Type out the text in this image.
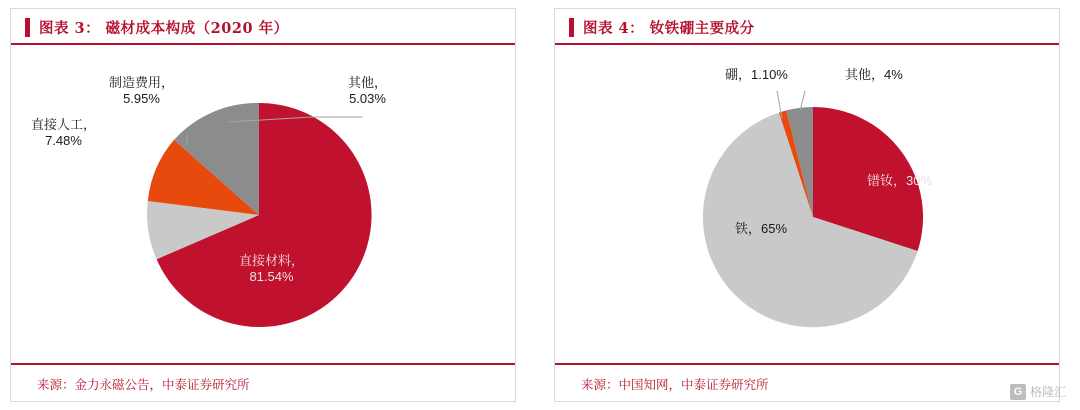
图表 3： 磁材成本构成（2020 年）
制造费用，
5.95%
直接人工，
7.48%
其他，
5.03%
直接材料，
81.54%
来源：金力永磁公告，中泰证券研究所
图表 4： 钕铁硼主要成分
硼，1.10%	其他，4%
铁，65%
镨钕，30%
来源：中国知网，中泰证券研究所	G 格隆汇
